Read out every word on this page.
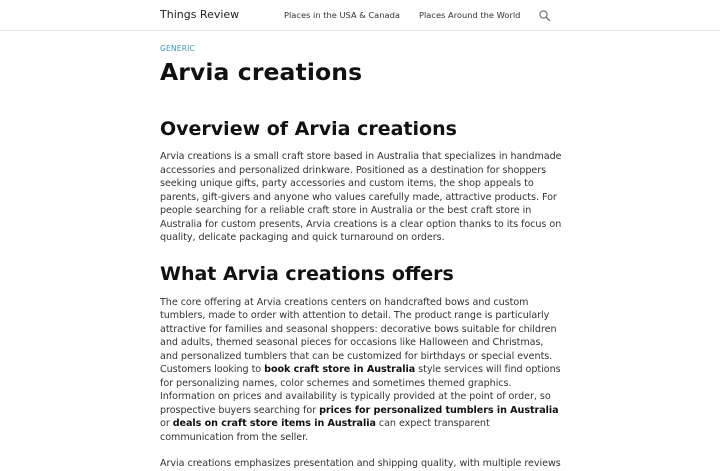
Things Review	Places in the USA & Canada Places Around the World
GENERIC
Arvia creations
Overview of Arvia creations

Arvia creations is a small craft store based in Australia that specializes in handmade accessories and personalized drinkware. Positioned as a destination for shoppers seeking unique gifts, party accessories and custom items, the shop appeals to parents, gift-givers and anyone who values carefully made, attractive products. For people searching for a reliable craft store in Australia or the best craft store in Australia for custom presents, Arvia creations is a clear option thanks to its focus on quality, delicate packaging and quick turnaround on orders.

What Arvia creations offers

The core offering at Arvia creations centers on handcrafted bows and custom tumblers, made to order with attention to detail. The product range is particularly attractive for families and seasonal shoppers: decorative bows suitable for children and adults, themed seasonal pieces for occasions like Halloween and Christmas, and personalized tumblers that can be customized for birthdays or special events. Customers looking to book craft store in Australia style services will find options for personalizing names, color schemes and sometimes themed graphics. Information on prices and availability is typically provided at the point of order, so prospective buyers searching for prices for personalized tumblers in Australia or deals on craft store items in Australia can expect transparent communication from the seller.

Arvia creations emphasizes presentation and shipping quality, with multiple reviews
